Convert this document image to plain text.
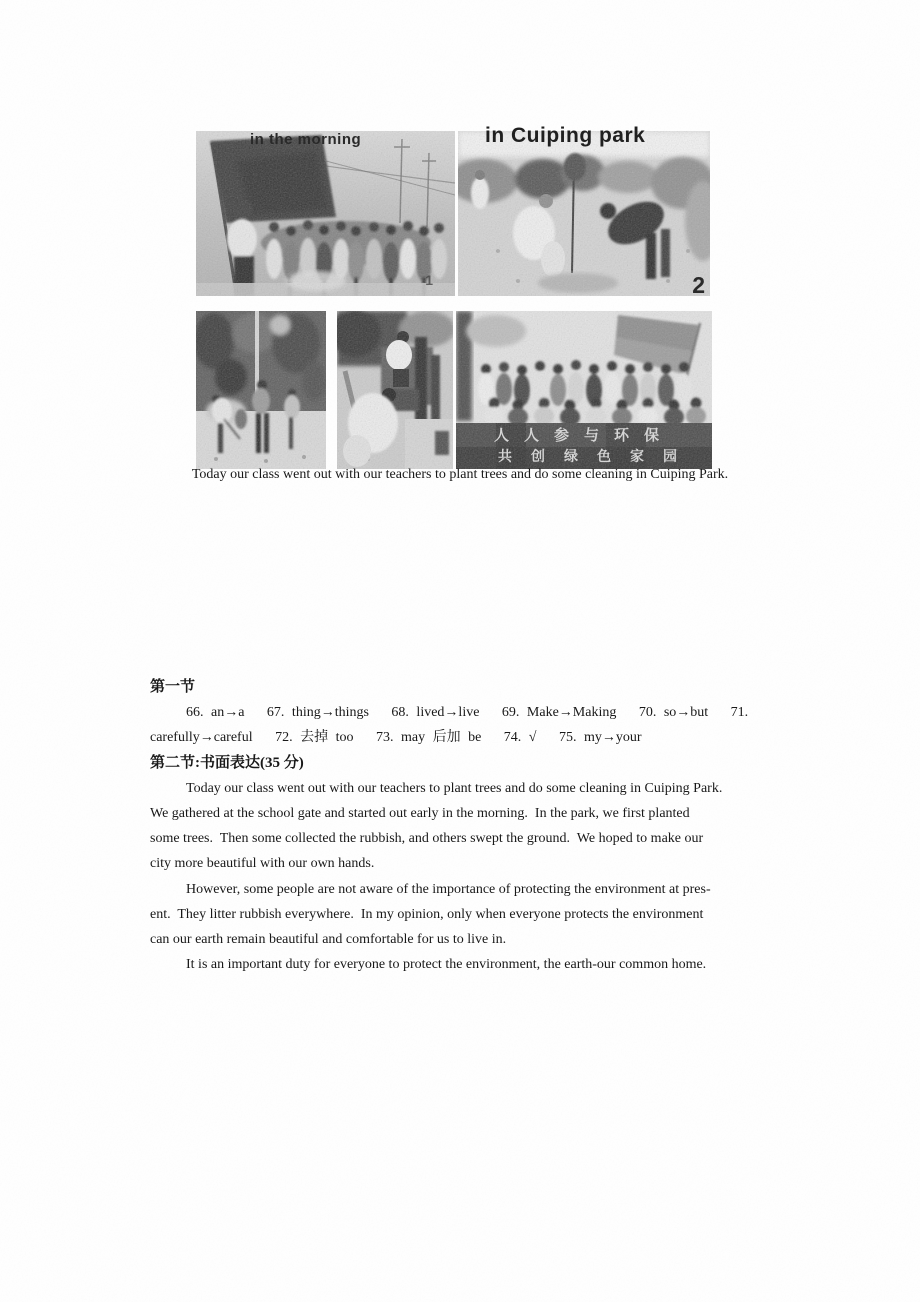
in the morning
1
in Cuiping park
2
人人参与环保
共创绿色家园

Today our class went out with our teachers to plant trees and do some cleaning in Cuiping Park.

第一节
66. an→a   67. thing→things   68. lived→live   69. Make→Making   70. so→but   71.
carefully→careful   72. 去掉 too   73. may 后加 be   74. √   75. my→your
第二节:书面表达(35 分)
Today our class went out with our teachers to plant trees and do some cleaning in Cuiping Park.
We gathered at the school gate and started out early in the morning.  In the park, we first planted
some trees.  Then some collected the rubbish, and others swept the ground.  We hoped to make our
city more beautiful with our own hands.
However, some people are not aware of the importance of protecting the environment at pres-
ent.  They litter rubbish everywhere.  In my opinion, only when everyone protects the environment
can our earth remain beautiful and comfortable for us to live in.
It is an important duty for everyone to protect the environment, the earth-our common home.
